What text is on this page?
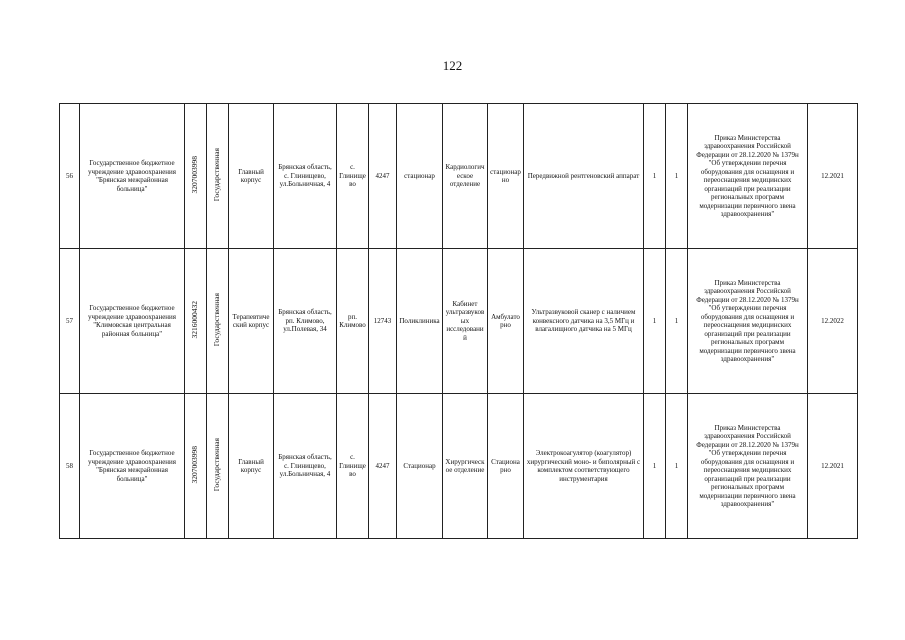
122
56	Государственное бюджетное учреждение здравоохранения "Брянская межрайонная больница"	3207003998	Государственная	Главный корпус	Брянская область, с. Глинищево, ул.Больничная, 4	с. Глинищево	4247	стационар	Кардиологическое отделение	стационарно	Передвижной рентгеновский аппарат	1	1	Приказ Министерства здравоохранения Российской Федерации от 28.12.2020 № 1379н "Об утверждении перечня оборудования для оснащения и переоснащения медицинских организаций при реализации региональных программ модернизации первичного звена здравоохранения"	12.2021
57	Государственное бюджетное учреждение здравоохранения "Климовская центральная районная больница"	3216000432	Государственная	Терапевтический корпус	Брянская область, рп. Климово, ул.Полевая, 34	рп. Климово	12743	Поликлиника	Кабинет ультразвуковых исследований	Амбулаторно	Ультразвуковой сканер с наличием конвексного датчика на 3,5 МГц и влагалищного датчика на 5 МГц	1	1	Приказ Министерства здравоохранения Российской Федерации от 28.12.2020 № 1379н "Об утверждении перечня оборудования для оснащения и переоснащения медицинских организаций при реализации региональных программ модернизации первичного звена здравоохранения"	12.2022
58	Государственное бюджетное учреждение здравоохранения "Брянская межрайонная больница"	3207003998	Государственная	Главный корпус	Брянская область, с. Глинищево, ул.Больничная, 4	с. Глинищево	4247	Стационар	Хирургическое отделение	Стационарно	Электрокоагулятор (коагулятор) хирургический моно- и биполярный с комплектом соответствующего инструментария	1	1	Приказ Министерства здравоохранения Российской Федерации от 28.12.2020 № 1379н "Об утверждении перечня оборудования для оснащения и переоснащения медицинских организаций при реализации региональных программ модернизации первичного звена здравоохранения"	12.2021
